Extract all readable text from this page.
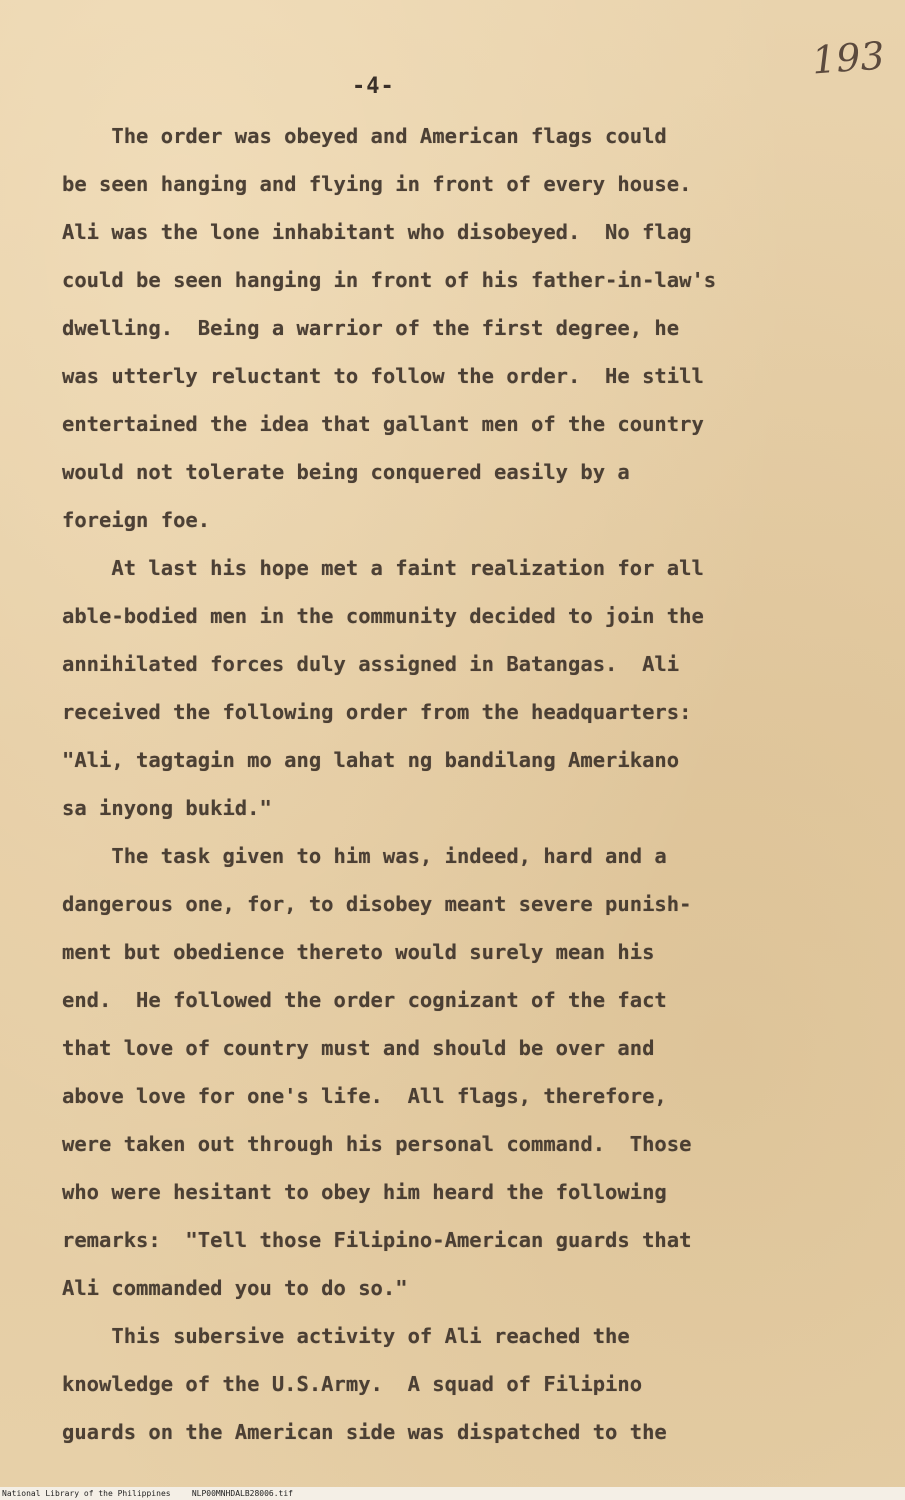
-4-
193
The order was obeyed and American flags could
be seen hanging and flying in front of every house.
Ali was the lone inhabitant who disobeyed.  No flag
could be seen hanging in front of his father-in-law's
dwelling.  Being a warrior of the first degree, he
was utterly reluctant to follow the order.  He still
entertained the idea that gallant men of the country
would not tolerate being conquered easily by a
foreign foe.
At last his hope met a faint realization for all
able-bodied men in the community decided to join the
annihilated forces duly assigned in Batangas.  Ali
received the following order from the headquarters:
"Ali, tagtagin mo ang lahat ng bandilang Amerikano
sa inyong bukid."
The task given to him was, indeed, hard and a
dangerous one, for, to disobey meant severe punish-
ment but obedience thereto would surely mean his
end.  He followed the order cognizant of the fact
that love of country must and should be over and
above love for one's life.  All flags, therefore,
were taken out through his personal command.  Those
who were hesitant to obey him heard the following
remarks:  "Tell those Filipino-American guards that
Ali commanded you to do so."
This subersive activity of Ali reached the
knowledge of the U.S.Army.  A squad of Filipino
guards on the American side was dispatched to the
National Library of the Philippines	NLP00MNHDALB28006.tif
